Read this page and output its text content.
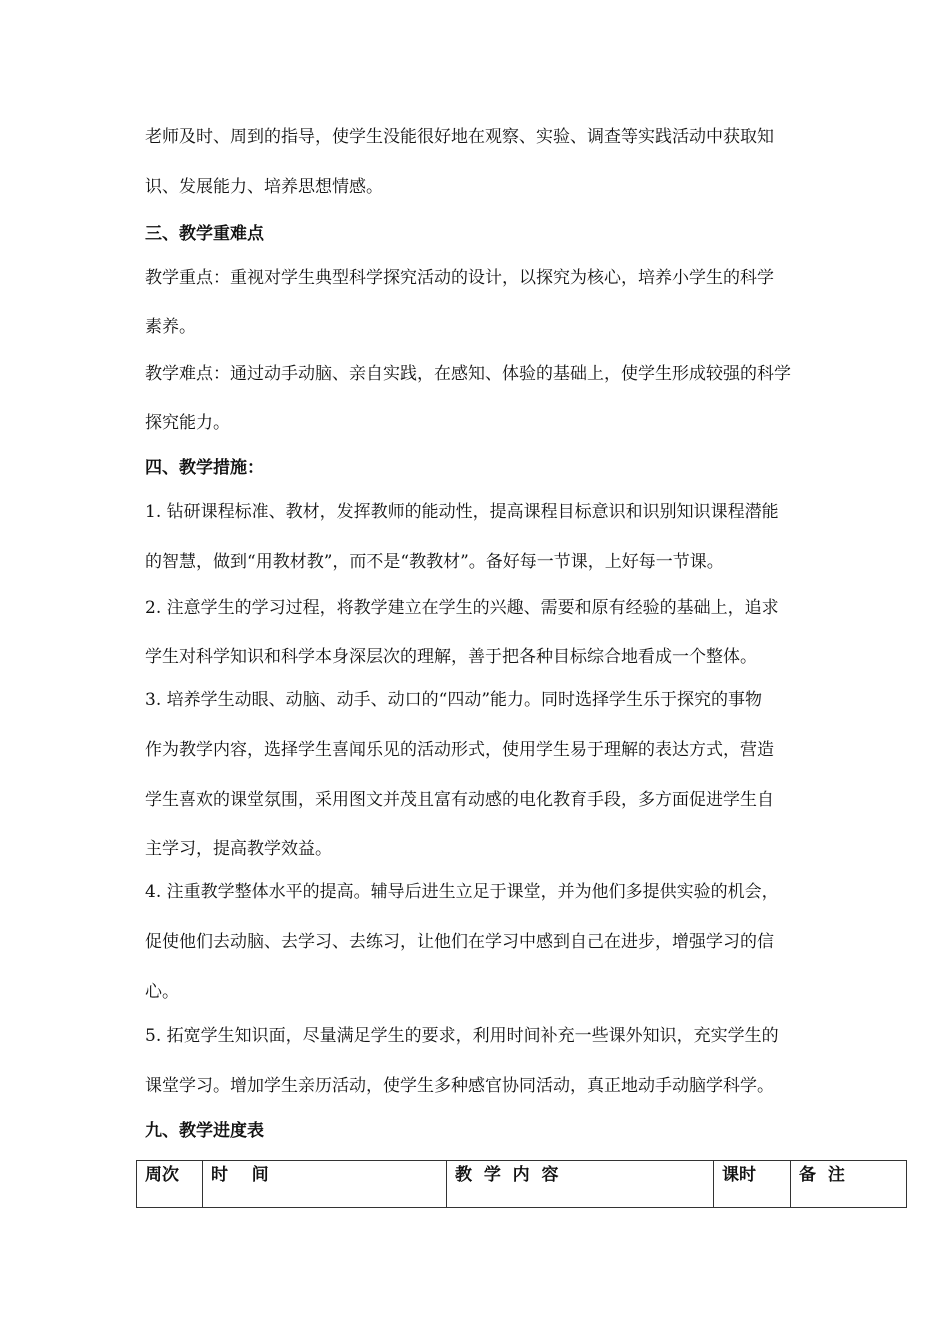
老师及时、周到的指导，使学生没能很好地在观察、实验、调查等实践活动中获取知
识、发展能力、培养思想情感。
三、教学重难点
教学重点：重视对学生典型科学探究活动的设计，以探究为核心，培养小学生的科学
素养。
教学难点：通过动手动脑、亲自实践，在感知、体验的基础上，使学生形成较强的科学
探究能力。
四、教学措施：
1. 钻研课程标准、教材，发挥教师的能动性，提高课程目标意识和识别知识课程潜能
的智慧，做到“用教材教”，而不是“教教材”。备好每一节课，上好每一节课。
2. 注意学生的学习过程，将教学建立在学生的兴趣、需要和原有经验的基础上，追求
学生对科学知识和科学本身深层次的理解，善于把各种目标综合地看成一个整体。
3. 培养学生动眼、动脑、动手、动口的“四动”能力。同时选择学生乐于探究的事物
作为教学内容，选择学生喜闻乐见的活动形式，使用学生易于理解的表达方式，营造
学生喜欢的课堂氛围，采用图文并茂且富有动感的电化教育手段，多方面促进学生自
主学习，提高教学效益。
4. 注重教学整体水平的提高。辅导后进生立足于课堂，并为他们多提供实验的机会，
促使他们去动脑、去学习、去练习，让他们在学习中感到自己在进步，增强学习的信
心。
5. 拓宽学生知识面，尽量满足学生的要求，利用时间补充一些课外知识，充实学生的
课堂学习。增加学生亲历活动，使学生多种感官协同活动，真正地动手动脑学科学。
九、教学进度表
周次	时    间	教  学  内  容	课时	备  注
